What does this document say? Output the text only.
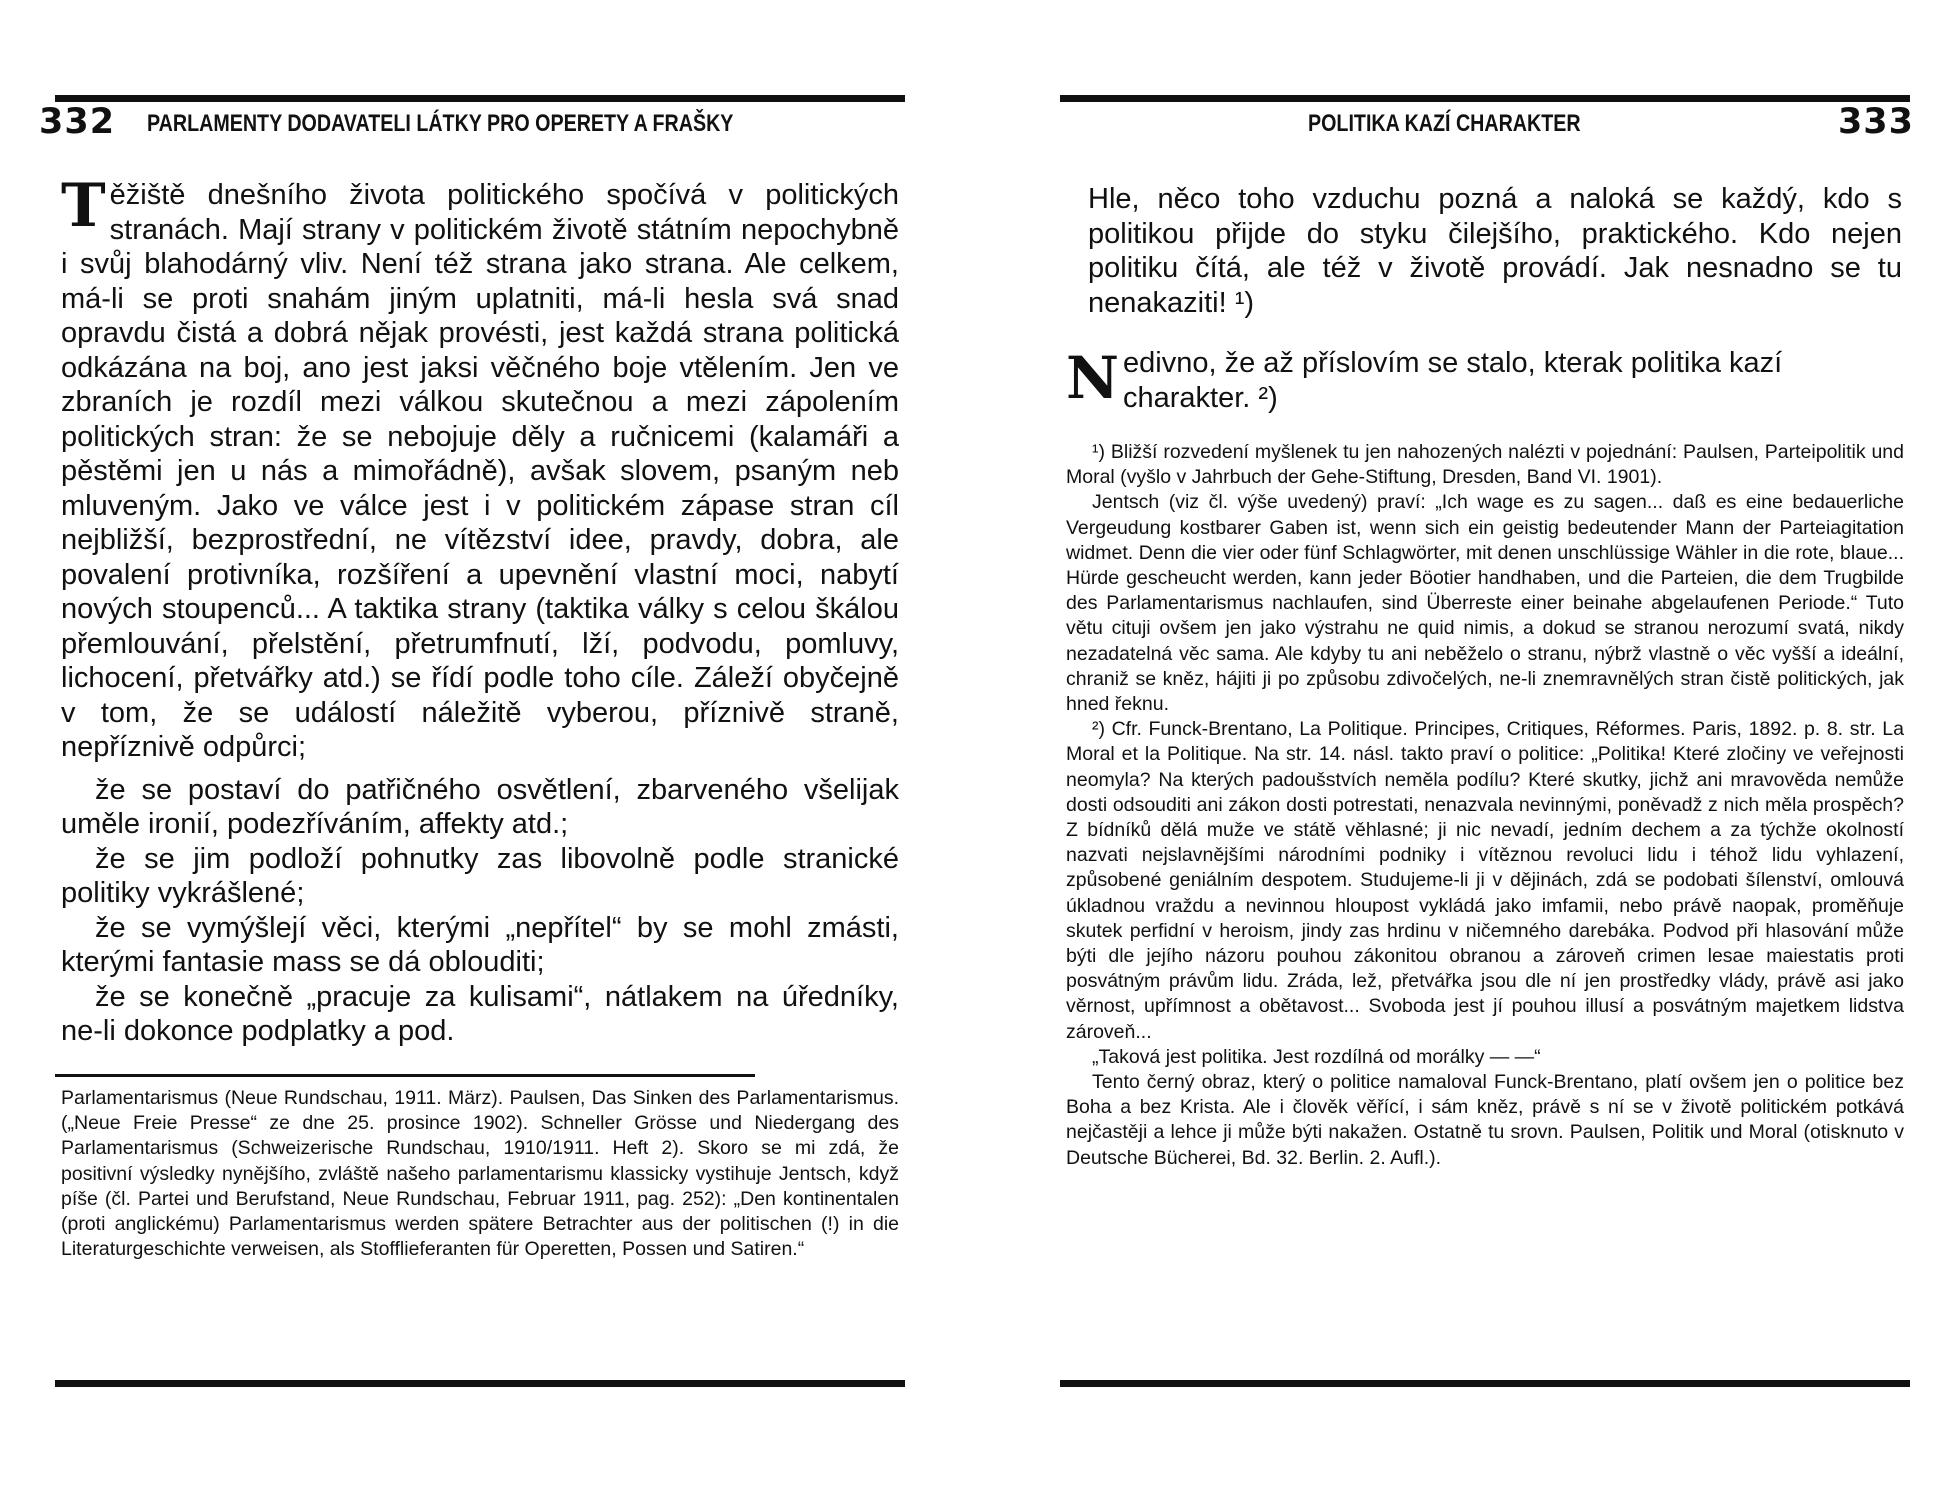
332 PARLAMENTY DODAVATELI LÁTKY PRO OPERETY A FRAŠKY

Těžiště dnešního života politického spočívá v politických stranách. Mají strany v politickém životě státním nepochybně i svůj blahodárný vliv. Není též strana jako strana. Ale celkem, má-li se proti snahám jiným uplatniti, má-li hesla svá snad opravdu čistá a dobrá nějak provésti, jest každá strana politická odkázána na boj, ano jest jaksi věčného boje vtělením. Jen ve zbraních je rozdíl mezi válkou skutečnou a mezi zápolením politických stran: že se nebojuje děly a ručnicemi (kalamáři a pěstěmi jen u nás a mimořádně), avšak slovem, psaným neb mluveným. Jako ve válce jest i v politickém zápase stran cíl nejbližší, bezprostřední, ne vítězství idee, pravdy, dobra, ale povalení protivníka, rozšíření a upevnění vlastní moci, nabytí nových stoupenců... A taktika strany (taktika války s celou škálou přemlouvání, přelstění, přetrumfnutí, lží, podvodu, pomluvy, lichocení, přetvářky atd.) se řídí podle toho cíle. Záleží obyčejně v tom, že se událostí náležitě vyberou, příznivě straně, nepříznivě odpůrci;

že se postaví do patřičného osvětlení, zbarveného všelijak uměle ironií, podezříváním, affekty atd.;

že se jim podloží pohnutky zas libovolně podle stranické politiky vykrášlené;

že se vymýšlejí věci, kterými „nepřítel“ by se mohl zmásti, kterými fantasie mass se dá oblouditi;

že se konečně „pracuje za kulisami“, nátlakem na úředníky, ne-li dokonce podplatky a pod.

Parlamentarismus (Neue Rundschau, 1911. März). Paulsen, Das Sinken des Parlamentarismus. („Neue Freie Presse“ ze dne 25. prosince 1902). Schneller Grösse und Niedergang des Parlamentarismus (Schweizerische Rundschau, 1910/1911. Heft 2). Skoro se mi zdá, že positivní výsledky nynějšího, zvláště našeho parlamentarismu klassicky vystihuje Jentsch, když píše (čl. Partei und Berufstand, Neue Rundschau, Februar 1911, pag. 252): „Den kontinentalen (proti anglickému) Parlamentarismus werden spätere Betrachter aus der politischen (!) in die Literaturgeschichte verweisen, als Stofflieferanten für Operetten, Possen und Satiren.“

POLITIKA KAZÍ CHARAKTER	333

Hle, něco toho vzduchu pozná a naloká se každý, kdo s politikou přijde do styku čilejšího, praktického. Kdo nejen politiku čítá, ale též v životě provádí. Jak nesnadno se tu nenakaziti! ¹)

Nedivno, že až příslovím se stalo, kterak politika kazí charakter. ²)

¹) Bližší rozvedení myšlenek tu jen nahozených nalézti v pojednání: Paulsen, Parteipolitik und Moral (vyšlo v Jahrbuch der Gehe-Stiftung, Dresden, Band VI. 1901).

Jentsch (viz čl. výše uvedený) praví: „Ich wage es zu sagen... daß es eine bedauerliche Vergeudung kostbarer Gaben ist, wenn sich ein geistig bedeutender Mann der Parteiagitation widmet. Denn die vier oder fünf Schlagwörter, mit denen unschlüssige Wähler in die rote, blaue... Hürde gescheucht werden, kann jeder Böotier handhaben, und die Parteien, die dem Trugbilde des Parlamentarismus nachlaufen, sind Überreste einer beinahe abgelaufenen Periode.“ Tuto větu cituji ovšem jen jako výstrahu ne quid nimis, a dokud se stranou nerozumí svatá, nikdy nezadatelná věc sama. Ale kdyby tu ani neběželo o stranu, nýbrž vlastně o věc vyšší a ideální, chraniž se kněz, hájiti ji po způsobu zdivočelých, ne-li znemravnělých stran čistě politických, jak hned řeknu.

²) Cfr. Funck-Brentano, La Politique. Principes, Critiques, Réformes. Paris, 1892. p. 8. str. La Moral et la Politique. Na str. 14. násl. takto praví o politice: „Politika! Které zločiny ve veřejnosti neomyla? Na kterých padoušstvích neměla podílu? Které skutky, jichž ani mravověda nemůže dosti odsouditi ani zákon dosti potrestati, nenazvala nevinnými, poněvadž z nich měla prospěch? Z bídníků dělá muže ve státě věhlasné; ji nic nevadí, jedním dechem a za týchže okolností nazvati nejslavnějšími národními podniky i vítěznou revoluci lidu i téhož lidu vyhlazení, způsobené geniálním despotem. Studujeme-li ji v dějinách, zdá se podobati šílenství, omlouvá úkladnou vraždu a nevinnou hloupost vykládá jako imfamii, nebo právě naopak, proměňuje skutek perfidní v heroism, jindy zas hrdinu v ničemného darebáka. Podvod při hlasování může býti dle jejího názoru pouhou zákonitou obranou a zároveň crimen lesae maiestatis proti posvátným právům lidu. Zráda, lež, přetvářka jsou dle ní jen prostředky vlády, právě asi jako věrnost, upřímnost a obětavost... Svoboda jest jí pouhou illusí a posvátným majetkem lidstva zároveň...

„Taková jest politika. Jest rozdílná od morálky — —“

Tento černý obraz, který o politice namaloval Funck-Brentano, platí ovšem jen o politice bez Boha a bez Krista. Ale i člověk věřící, i sám kněz, právě s ní se v životě politickém potkává nejčastěji a lehce ji může býti nakažen. Ostatně tu srovn. Paulsen, Politik und Moral (otisknuto v Deutsche Bücherei, Bd. 32. Berlin. 2. Aufl.).
